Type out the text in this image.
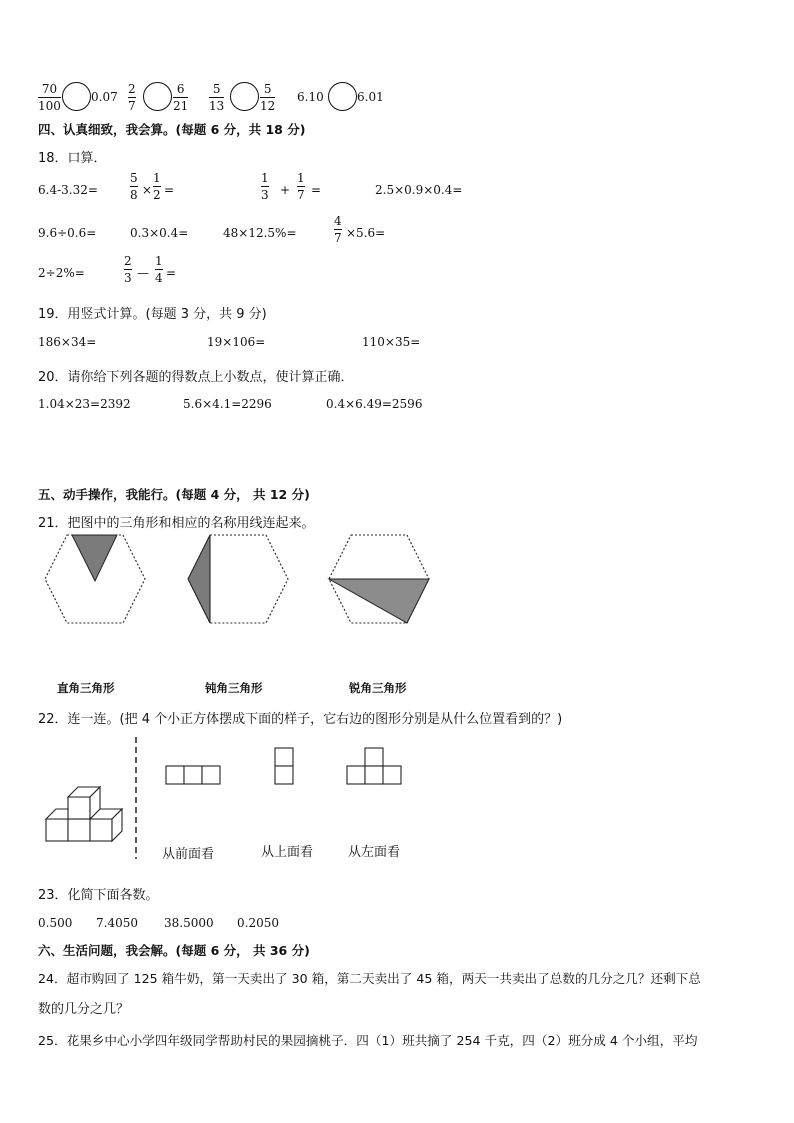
70
100
0.07
2
7
6
21
5
13
5
12
6.10	6.01
四、认真细致，我会算。(每题 6 分，共 18 分)
18．口算．
6.4-3.32=
5
8 ×
1
2 =
1
3 +
1
7 =	2.5×0.9×0.4=
9.6÷0.6=	0.3×0.4=	48×12.5%=
4
7 ×5.6=
2÷2%=
2
3 —
1
4 =
19．用竖式计算。(每题 3 分，共 9 分)
186×34=	19×106=	110×35=
20．请你给下列各题的得数点上小数点，使计算正确．
1.04×23=2392	5.6×4.1=2296	0.4×6.49=2596
五、动手操作，我能行。(每题 4 分， 共 12 分)
21．把图中的三角形和相应的名称用线连起来。
直角三角形	钝角三角形	锐角三角形
22．连一连。(把 4 个小正方体摆成下面的样子，它右边的图形分别是从什么位置看到的？)
从前面看	从上面看	从左面看
23．化简下面各数。
0.500 7.4050 38.5000 0.2050
六、生活问题，我会解。(每题 6 分， 共 36 分)
24．超市购回了 125 箱牛奶，第一天卖出了 30 箱，第二天卖出了 45 箱，两天一共卖出了总数的几分之几？还剩下总
数的几分之几？
25．花果乡中心小学四年级同学帮助村民的果园摘桃子．四（1）班共摘了 254 千克，四（2）班分成 4 个小组，平均
